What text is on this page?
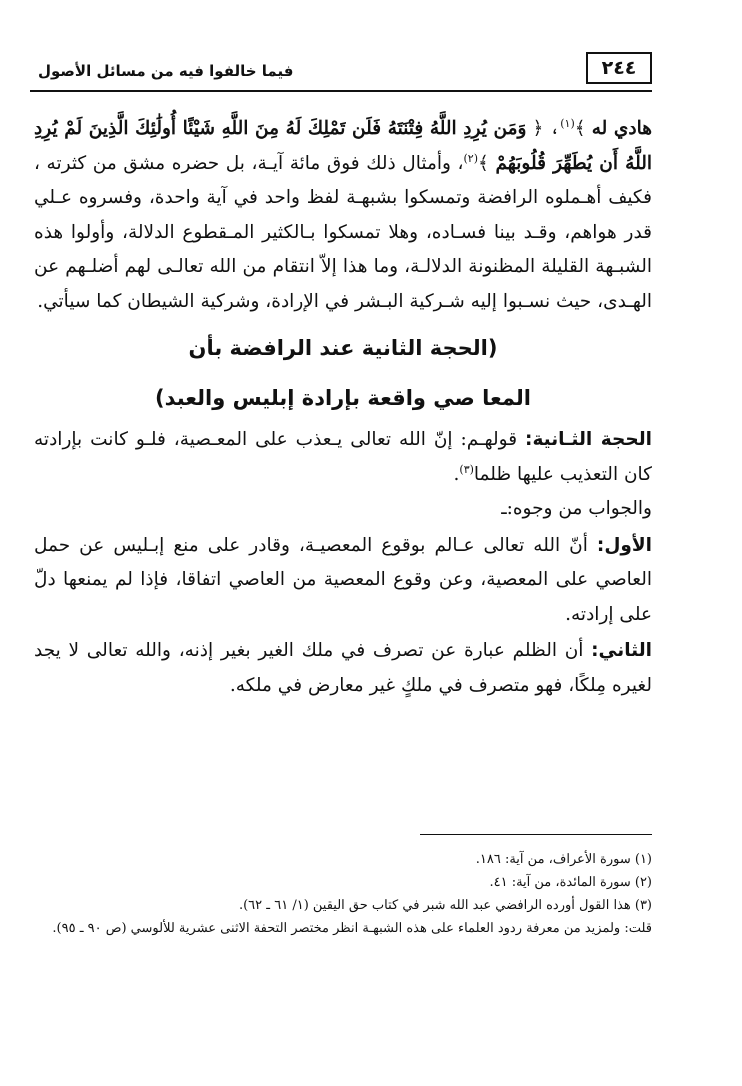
فيما خالفوا فيه من مسائل الأصول	٢٤٤

هادي له ﴾$^{(١)}$، ﴿ وَمَن يُرِدِ اللَّهُ فِتْنَتَهُ فَلَن تَمْلِكَ لَهُ مِنَ اللَّهِ شَيْئًا أُولَٰئِكَ الَّذِينَ لَمْ يُرِدِ اللَّهُ أَن يُطَهِّرَ قُلُوبَهُمْ ﴾$^{(٢)}$، وأمثال ذلك فوق مائة آيـة، بل حضره مشق من كثرته ، فكيف أهـملوه الرافضة وتمسكوا بشبهـة لفظ واحد في آية واحدة، وفسروه عـلي قدر هواهم، وقـد بينا فسـاده، وهلا تمسكوا بـالكثير المـقطوع الدلالة، وأولوا هذه الشبـهة القليلة المظنونة الدلالـة، وما هذا إلاّ انتقام من الله تعالـى لهم أضلـهم عن الهـدى، حيث نسـبوا إليه شـركية البـشر في الإرادة، وشركية الشيطان كما سيأتي.

(الحجة الثانية عند الرافضة بأن

المعا صي واقعة بإرادة إبليس والعبد)

الحجة الثـانية: قولهـم: إنّ الله تعالى يـعذب على المعـصية، فلـو كانت بإرادته كان التعذيب عليها ظلما$^{(٣)}$.

والجواب من وجوه:ـ

الأول: أنّ الله تعالى عـالم بوقوع المعصيـة، وقادر على منع إبـليس عن حمل العاصي على المعصية، وعن وقوع المعصية من العاصي اتفاقا، فإذا لم يمنعها دلّ على إرادته.

الثاني: أن الظلم عبارة عن تصرف في ملك الغير بغير إذنه، والله تعالى لا يجد لغيره مِلكًا، فهو متصرف في ملكٍ غير معارض في ملكه.

(١) سورة الأعراف، من آية: ١٨٦.

(٢) سورة المائدة، من آية: ٤١.

(٣) هذا القول أورده الرافضي عبد الله شبر في كتاب حق اليقين (١/ ٦١ ـ ٦٢).

قلت: ولمزيد من معرفة ردود العلماء على هذه الشبهـة انظر مختصر التحفة الاثنى عشرية للألوسي (ص ٩٠ ـ ٩٥).
